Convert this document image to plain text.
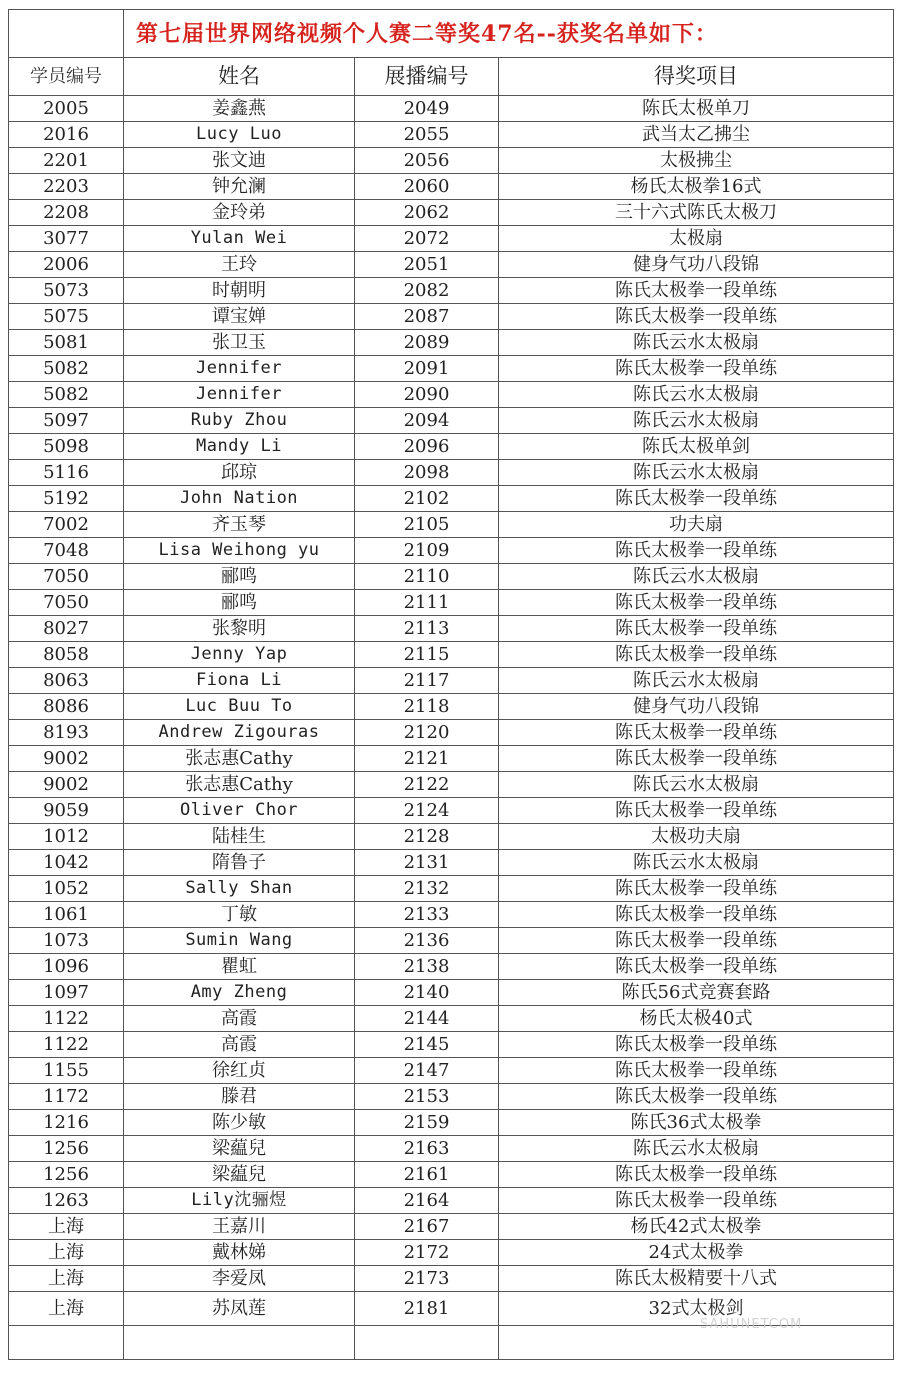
	第七届世界网络视频个人赛二等奖47名--获奖名单如下：		
学员编号	姓名	展播编号	得奖项目
2005	姜鑫燕	2049	陈氏太极单刀
2016	Lucy Luo	2055	武当太乙拂尘
2201	张文迪	2056	太极拂尘
2203	钟允澜	2060	杨氏太极拳16式
2208	金玲弟	2062	三十六式陈氏太极刀
3077	Yulan Wei	2072	太极扇
2006	王玲	2051	健身气功八段锦
5073	时朝明	2082	陈氏太极拳一段单练
5075	谭宝婵	2087	陈氏太极拳一段单练
5081	张卫玉	2089	陈氏云水太极扇
5082	Jennifer	2091	陈氏太极拳一段单练
5082	Jennifer	2090	陈氏云水太极扇
5097	Ruby Zhou	2094	陈氏云水太极扇
5098	Mandy Li	2096	陈氏太极单剑
5116	邱琼	2098	陈氏云水太极扇
5192	John Nation	2102	陈氏太极拳一段单练
7002	齐玉琴	2105	功夫扇
7048	Lisa Weihong yu	2109	陈氏太极拳一段单练
7050	郦鸣	2110	陈氏云水太极扇
7050	郦鸣	2111	陈氏太极拳一段单练
8027	张黎明	2113	陈氏太极拳一段单练
8058	Jenny Yap	2115	陈氏太极拳一段单练
8063	Fiona Li	2117	陈氏云水太极扇
8086	Luc Buu To	2118	健身气功八段锦
8193	Andrew Zigouras	2120	陈氏太极拳一段单练
9002	张志惠Cathy	2121	陈氏太极拳一段单练
9002	张志惠Cathy	2122	陈氏云水太极扇
9059	Oliver Chor	2124	陈氏太极拳一段单练
1012	陆桂生	2128	太极功夫扇
1042	隋鲁子	2131	陈氏云水太极扇
1052	Sally Shan	2132	陈氏太极拳一段单练
1061	丁敏	2133	陈氏太极拳一段单练
1073	Sumin Wang	2136	陈氏太极拳一段单练
1096	瞿虹	2138	陈氏太极拳一段单练
1097	Amy Zheng	2140	陈氏56式竞赛套路
1122	高霞	2144	杨氏太极40式
1122	高霞	2145	陈氏太极拳一段单练
1155	徐红贞	2147	陈氏太极拳一段单练
1172	滕君	2153	陈氏太极拳一段单练
1216	陈少敏	2159	陈氏36式太极拳
1256	梁藴兒	2163	陈氏云水太极扇
1256	梁藴兒	2161	陈氏太极拳一段单练
1263	Lily沈骊煜	2164	陈氏太极拳一段单练
上海	王嘉川	2167	杨氏42式太极拳
上海	戴林娣	2172	24式太极拳
上海	李爱凤	2173	陈氏太极精要十八式
上海	苏凤莲	2181	32式太极剑

SAHUNETCOM
